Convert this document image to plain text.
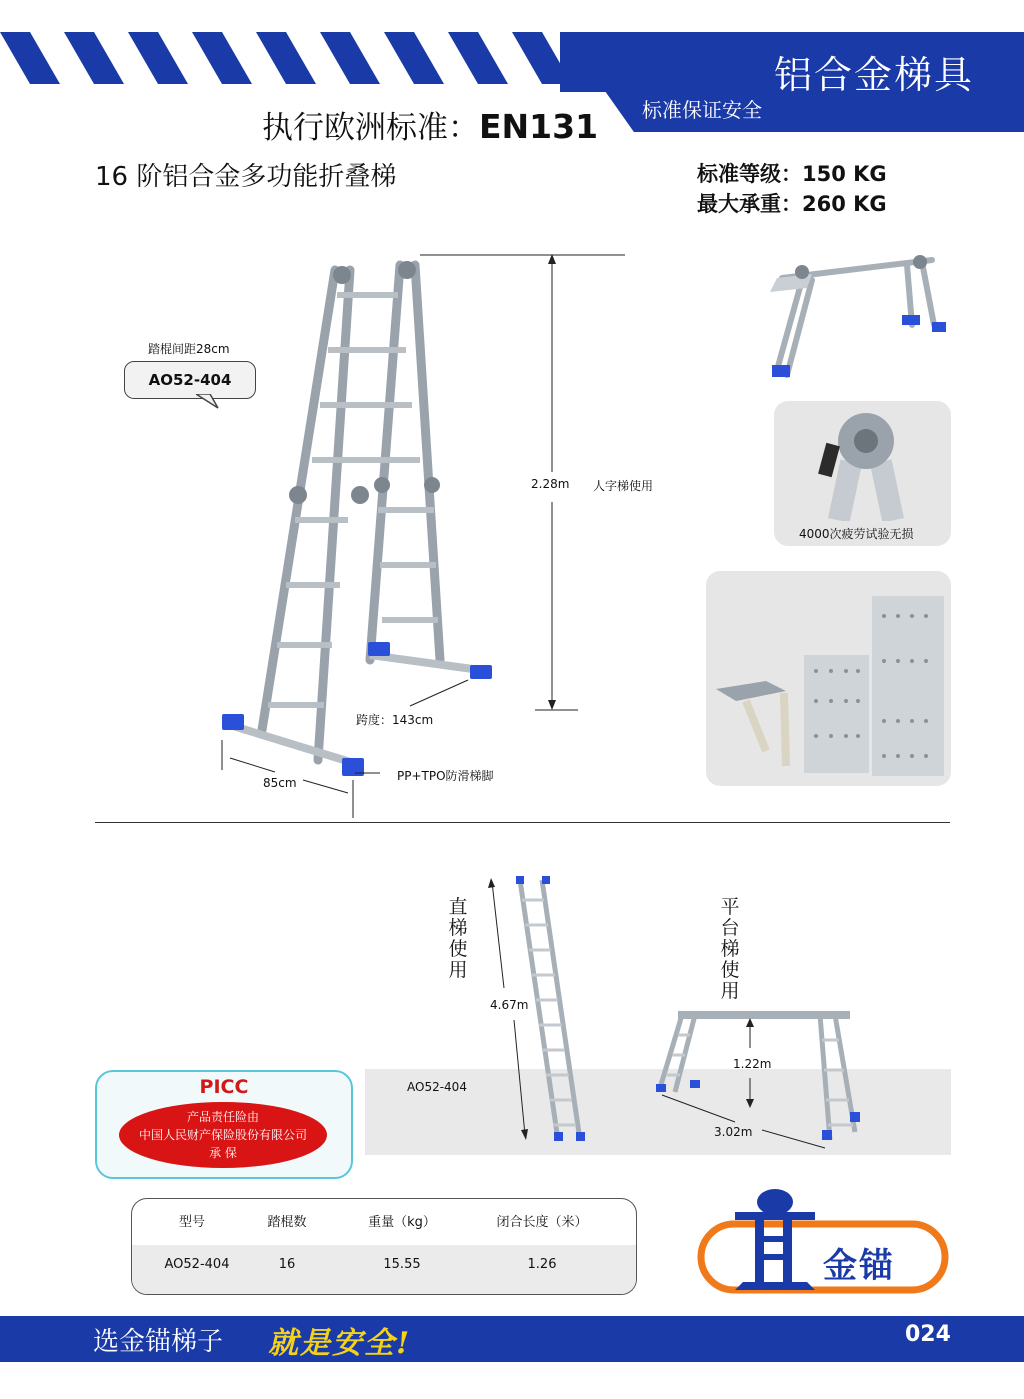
铝合金梯具
标准保证安全
执行欧洲标准：EN131
16 阶铝合金多功能折叠梯	标准等级：150 KG
最大承重：260 KG
踏棍间距28cm
AO52-404
2.28m 人字梯使用
跨度：143cm
85cm	PP+TPO防滑梯脚
4000次疲劳试验无损
AO52-404
直梯使用
平台梯使用
4.67m
1.22m
3.02m
PICC
产品责任险由
中国人民财产保险股份有限公司
承 保
型号	踏棍数	重量（kg）	闭合长度（米）
AO52-404	16	15.55	1.26	金锚
选金锚梯子 就是安全!	024
